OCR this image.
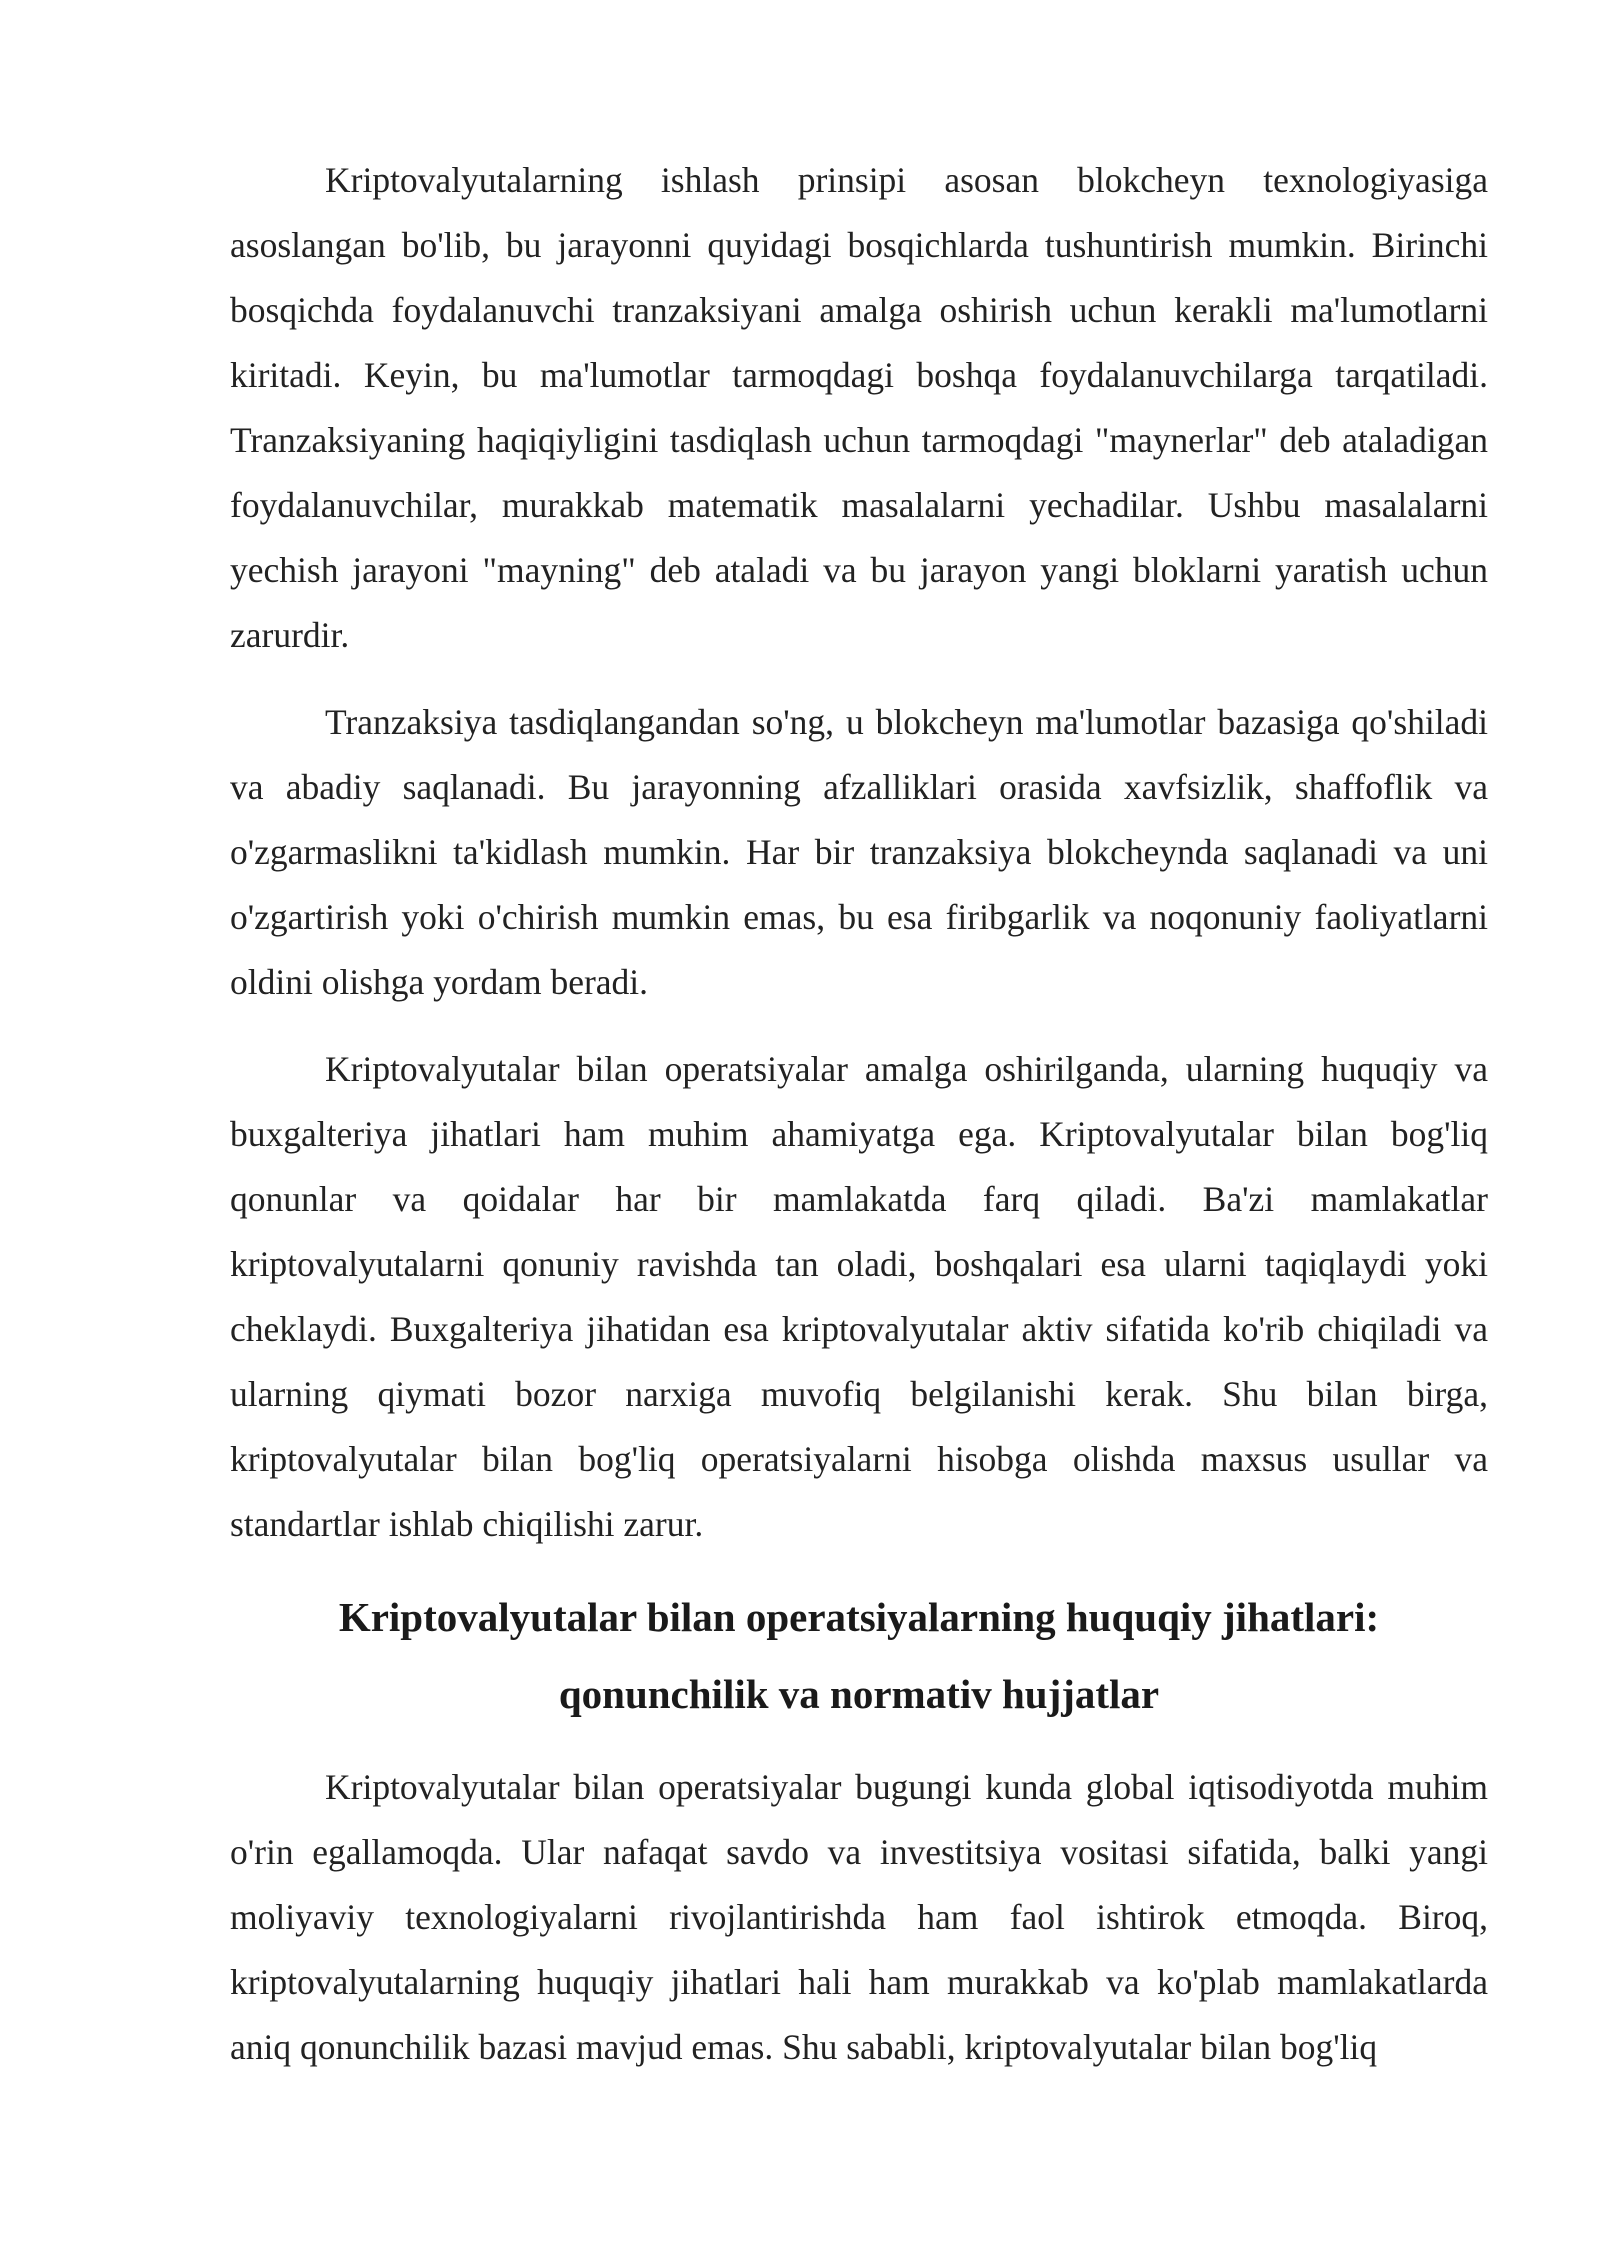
Kriptovalyutalarning ishlash prinsipi asosan blokcheyn texnologiyasiga asoslangan bo'lib, bu jarayonni quyidagi bosqichlarda tushuntirish mumkin. Birinchi bosqichda foydalanuvchi tranzaksiyani amalga oshirish uchun kerakli ma'lumotlarni kiritadi. Keyin, bu ma'lumotlar tarmoqdagi boshqa foydalanuvchilarga tarqatiladi. Tranzaksiyaning haqiqiyligini tasdiqlash uchun tarmoqdagi "maynerlar" deb ataladigan foydalanuvchilar, murakkab matematik masalalarni yechadilar. Ushbu masalalarni yechish jarayoni "mayning" deb ataladi va bu jarayon yangi bloklarni yaratish uchun zarurdir.

Tranzaksiya tasdiqlangandan so'ng, u blokcheyn ma'lumotlar bazasiga qo'shiladi va abadiy saqlanadi. Bu jarayonning afzalliklari orasida xavfsizlik, shaffoflik va o'zgarmaslikni ta'kidlash mumkin. Har bir tranzaksiya blokcheynda saqlanadi va uni o'zgartirish yoki o'chirish mumkin emas, bu esa firibgarlik va noqonuniy faoliyatlarni oldini olishga yordam beradi.

Kriptovalyutalar bilan operatsiyalar amalga oshirilganda, ularning huquqiy va buxgalteriya jihatlari ham muhim ahamiyatga ega. Kriptovalyutalar bilan bog'liq qonunlar va qoidalar har bir mamlakatda farq qiladi. Ba'zi mamlakatlar kriptovalyutalarni qonuniy ravishda tan oladi, boshqalari esa ularni taqiqlaydi yoki cheklaydi. Buxgalteriya jihatidan esa kriptovalyutalar aktiv sifatida ko'rib chiqiladi va ularning qiymati bozor narxiga muvofiq belgilanishi kerak. Shu bilan birga, kriptovalyutalar bilan bog'liq operatsiyalarni hisobga olishda maxsus usullar va standartlar ishlab chiqilishi zarur.

Kriptovalyutalar bilan operatsiyalarning huquqiy jihatlari:
qonunchilik va normativ hujjatlar

Kriptovalyutalar bilan operatsiyalar bugungi kunda global iqtisodiyotda muhim o'rin egallamoqda. Ular nafaqat savdo va investitsiya vositasi sifatida, balki yangi moliyaviy texnologiyalarni rivojlantirishda ham faol ishtirok etmoqda. Biroq, kriptovalyutalarning huquqiy jihatlari hali ham murakkab va ko'plab mamlakatlarda aniq qonunchilik bazasi mavjud emas. Shu sababli, kriptovalyutalar bilan bog'liq
